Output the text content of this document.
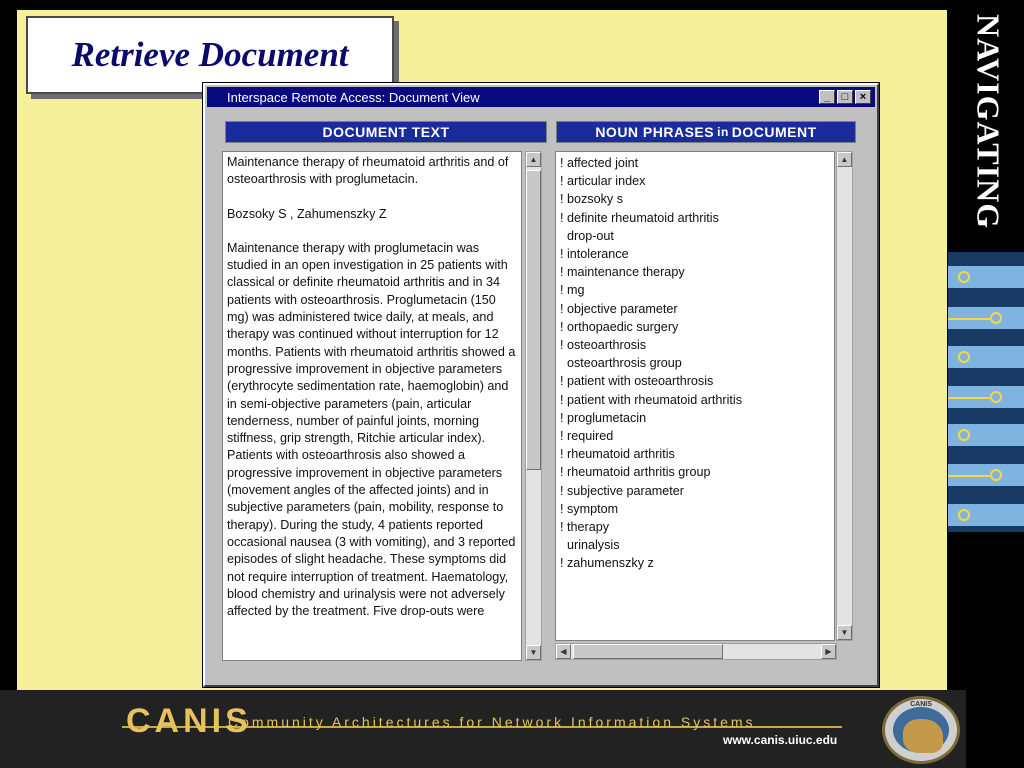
Retrieve Document	NAVIGATING
Interspace Remote Access: Document View	_	□	×
DOCUMENT TEXT	NOUN PHRASES in DOCUMENT

Maintenance therapy of rheumatoid arthritis and of osteoarthrosis with proglumetacin.

Bozsoky S , Zahumenszky Z

Maintenance therapy with proglumetacin was studied in an open investigation in 25 patients with classical or definite rheumatoid arthritis and in 34 patients with osteoarthrosis. Proglumetacin (150 mg) was administered twice daily, at meals, and therapy was continued without interruption for 12 months. Patients with rheumatoid arthritis showed a progressive improvement in objective parameters (erythrocyte sedimentation rate, haemoglobin) and in semi-objective parameters (pain, articular tenderness, number of painful joints, morning stiffness, grip strength, Ritchie articular index). Patients with osteoarthrosis also showed a progressive improvement in objective parameters (movement angles of the affected joints) and in subjective parameters (pain, mobility, response to therapy). During the study, 4 patients reported occasional nausea (3 with vomiting), and 3 reported episodes of slight headache. These symptoms did not require interruption of treatment. Haematology, blood chemistry and urinalysis were not adversely affected by the treatment. Five drop-outs were

▲
▼
! affected joint
! articular index
! bozsoky s
! definite rheumatoid arthritis
drop-out
! intolerance
! maintenance therapy
! mg
! objective parameter
! orthopaedic surgery
! osteoarthrosis
osteoarthrosis group
! patient with osteoarthrosis
! patient with rheumatoid arthritis
! proglumetacin
! required
! rheumatoid arthritis
! rheumatoid arthritis group
! subjective parameter
! symptom
! therapy
urinalysis
! zahumenszky z
▲
▼
◀	▶
CANIS
Community Architectures for Network Information Systems
www.canis.uiuc.edu
CANIS
